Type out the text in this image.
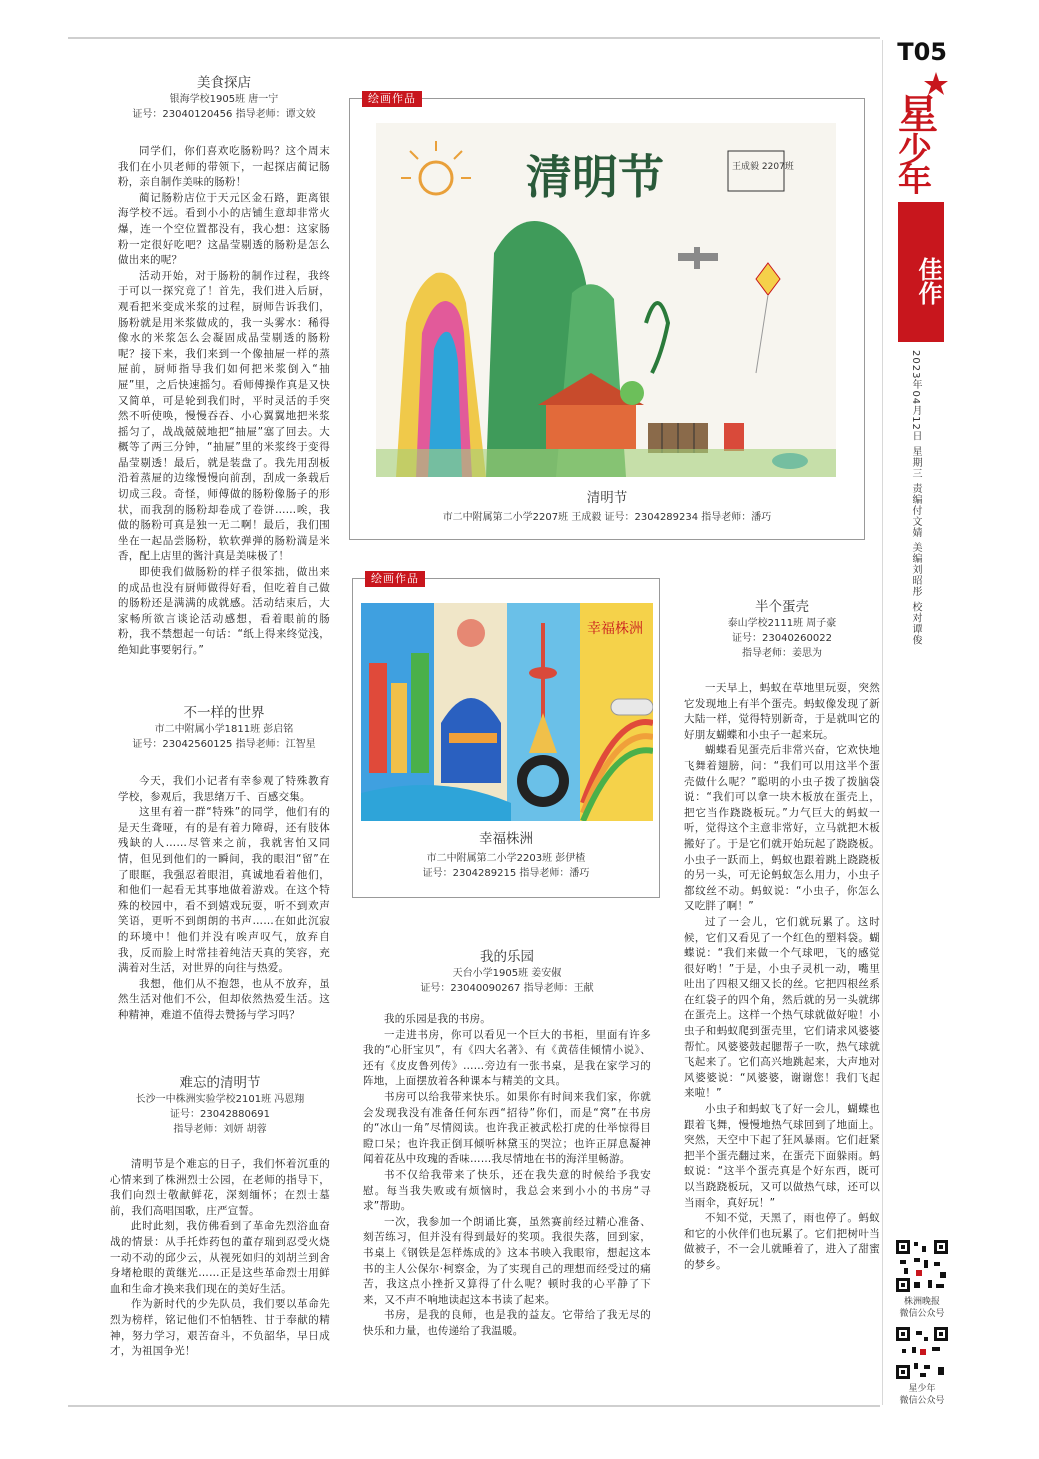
T05
星
少
年
佳作
2023年04月12日 星期三 责编付文婧 美编刘昭彤 校对谭俊
株洲晚报
微信公众号
星少年
微信公众号

美食探店

银海学校1905班 唐一宁

证号：2304012045​6 指导老师：谭文姣

同学们，你们喜欢吃肠粉吗？这个周末我们在小贝老师的带领下，一起探店蔺记肠粉，亲自制作美味的肠粉！

蔺记肠粉店位于天元区金石路，距离银海学校不远。看到小小的店铺生意却非常火爆，连一个空位置都没有，我心想：这家肠粉一定很好吃吧？这晶莹剔透的肠粉是怎么做出来的呢？

活动开始，对于肠粉的制作过程，我终于可以一探究竟了！首先，我们进入后厨，观看把米变成米浆的过程，厨师告诉我们，肠粉就是用米浆做成的，我一头雾水：稀得像水的米浆怎么会凝固成晶莹剔透的肠粉呢？接下来，我们来到一个像抽屉一样的蒸屉前，厨师指导我们如何把米浆倒入“抽屉”里，之后快速摇匀。看师傅操作真是又快又简单，可是轮到我们时，平时灵活的手突然不听使唤，慢慢吞吞、小心翼翼地把米浆摇匀了，战战兢兢地把“抽屉”塞了回去。大概等了两三分钟，“抽屉”里的米浆终于变得晶莹剔透！最后，就是装盘了。我先用刮板沿着蒸屉的边缘慢慢向前刮，刮成一条载后切成三段。奇怪，师傅做的肠粉像肠子的形状，而我刮的肠粉却卷成了卷饼……唉，我做的肠粉可真是独一无二啊！最后，我们围坐在一起品尝肠粉，软软弹弹的肠粉満是米香，配上店里的酱汁真是美味极了！

即使我们做肠粉的样子很笨拙，做出来的成品也没有厨师做得好看，但吃着自己做的肠粉还是满满的成就感。活动结束后，大家畅所欲言谈论活动感想，看着眼前的肠粉，我不禁想起一句话：“纸上得来终觉浅，绝知此事要躬行。”

不一样的世界

市二中附属小学1811班 彭启铭

证号：23042560125 指导老师：江智星

今天，我们小记者有幸参观了特殊教育学校，参观后，我思绪万千、百感交集。

这里有着一群“特殊”的同学，他们有的是天生聋哑，有的是有着力障碍，还有肢体残缺的人……尽管来之前，我就害怕又同情，但见到他们的一瞬间，我的眼泪“留”在了眼眶，我强忍着眼泪，真诚地看着他们，和他们一起看无其事地做着游戏。在这个特殊的校园中，看不到嬉戏玩耍，听不到欢声笑语，更听不到朗朗的书声……在如此沉寂的环境中！他们并没有唉声叹气，放弃自我，反而脸上时常挂着纯洁天真的笑容，充满着对生活，对世界的向往与热爱。

我想，他们从不抱怨，也从不放弃，虽然生活对他们不公，但却依然热爱生活。这种精神，难道不值得去赞扬与学习吗？

难忘的清明节

长沙一中株洲实验学校2101班 冯恩翔

证号：23042880691

指导老师：刘妍 胡蓉

清明节是个难忘的日子，我们怀着沉重的心情来到了株洲烈士公园，在老师的指导下，我们向烈士敬献鲜花，深刻缅怀；在烈士墓前，我们高唱国歌，庄严宣誓。

此时此刻，我仿佛看到了革命先烈浴血奋战的情景：从手托炸药包的董存瑞到忍受火烧一动不动的邱少云，从视死如归的刘胡兰到舍身堵枪眼的黄继光……正是这些革命烈士用鲜血和生命才换来我们现在的美好生活。

作为新时代的少先队员，我们要以革命先烈为榜样，铭记他们不怕牺牲、甘于奉献的精神，努力学习，艰苦奋斗，不负韶华，早日成才，为祖国争光！

绘画作品
清明节	王成毅 2207班
清明节
市二中附属第二小学2207班 王成毅 证号：2304289234 指导老师：潘巧
绘画作品
幸福株洲
幸福株洲
市二中附属第二小学2203班 彭伊楂
证号：2304289215 指导老师：潘巧

我的乐园

天台小学1905班 姜安俶

证号：23040090267 指导老师：王献

我的乐园是我的书房。

一走进书房，你可以看见一个巨大的书柜，里面有许多我的“心肝宝贝”，有《四大名著》、有《黄蓓佳倾情小说》、还有《皮皮鲁列传》……旁边有一张书桌，是我在家学习的阵地，上面摆放着各种课本与精美的文具。

书房可以给我带来快乐。如果你有时间来我们家，你就会发现我没有准备任何东西“招待”你们，而是“窝”在书房的“冰山一角”尽情阅读。也许我正被武松打虎的仕举惊得目瞪口呆；也许我正倒耳倾听林黛玉的哭泣；也许正屏息凝神闻着花丛中玫瑰的香味……我尽情地在书的海洋里畅游。

书不仅给我带来了快乐，还在我失意的时候给予我安慰。每当我失败或有烦恼时，我总会来到小小的书房“寻求”帮助。

一次，我参加一个朗诵比赛，虽然赛前经过精心准备、刻苦练习，但并没有得到最好的奖项。我很失落，回到家，书桌上《钢铁是怎样炼成的》这本书映入我眼帘，想起这本书的主人公保尔·柯察金，为了实现自己的理想而经受过的痛苦，我这点小挫折又算得了什么呢？顿时我的心平静了下来，又不声不响地读起这本书读了起来。

书房，是我的良师，也是我的益友。它带给了我无尽的快乐和力量，也传递给了我温暖。

半个蛋壳

泰山学校2111班 周子豪

证号：23040260022

指导老师：姜思为

一天早上，蚂蚁在草地里玩耍，突然它发现地上有半个蛋壳。蚂蚁像发现了新大陆一样，觉得特别新奇，于是就叫它的好朋友蝴蝶和小虫子一起来玩。

蝴蝶看见蛋壳后非常兴奋，它欢快地飞舞着翅膀，问：“我们可以用这半个蛋壳做什么呢？”聪明的小虫子拨了拨脑袋说：“我们可以拿一块木板放在蛋壳上，把它当作跷跷板玩。”力气巨大的蚂蚁一听，觉得这个主意非常好，立马就把木板搬好了。于是它们就开始玩起了跷跷板。小虫子一跃而上，蚂蚁也跟着跳上跷跷板的另一头，可无论蚂蚁怎么用力，小虫子都纹丝不动。蚂蚁说：“小虫子，你怎么又吃胖了啊！”

过了一会儿，它们就玩累了。这时候，它们又看见了一个红色的塑料袋。蝴蝶说：“我们来做一个气球吧，飞的感觉很好哟！”于是，小虫子灵机一动，嘴里吐出了四根又细又长的丝。它把四根丝系在红袋子的四个角，然后就的另一头就绑在蛋壳上。这样一个热气球就做好啦！小虫子和蚂蚁爬到蛋壳里，它们请求风婆婆帮忙。风婆婆鼓起腮帮子一吹，热气球就飞起来了。它们高兴地跳起来，大声地对风婆婆说：“风婆婆，谢谢您！我们飞起来啦！”

小虫子和蚂蚁飞了好一会儿，蝴蝶也跟着飞舞，慢慢地热气球回到了地面上。突然，天空中下起了狂风暴雨。它们赶紧把半个蛋壳翻过来，在蛋壳下面躲雨。蚂蚁说：“这半个蛋壳真是个好东西，既可以当跷跷板玩，又可以做热气球，还可以当雨伞，真好玩！”

不知不觉，天黑了，雨也停了。蚂蚁和它的小伙伴们也玩累了。它们把树叶当做被子，不一会儿就睡着了，进入了甜蜜的梦乡。
